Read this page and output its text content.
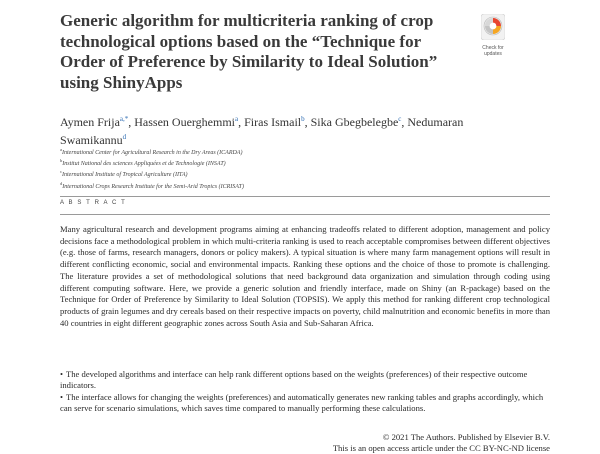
Generic algorithm for multicriteria ranking of crop technological options based on the “Technique for Order of Preference by Similarity to Ideal Solution” using ShinyApps
Check for updates
Aymen Frija$^{a,*}$, Hassen Ouerghemmi$^a$, Firas Ismail$^b$, Sika Gbegbelegbe$^c$, Nedumaran Swamikannu$^d$
$^a$International Center for Agricultural Research in the Dry Areas (ICARDA)
$^b$Institut National des sciences Appliquées et de Technologie (INSAT)
$^c$International Institute of Tropical Agriculture (IITA)
$^d$International Crops Research Institute for the Semi-Arid Tropics (ICRISAT)
A B S T R A C T

Many agricultural research and development programs aiming at enhancing tradeoffs related to different adoption, management and policy decisions face a methodological problem in which multi-criteria ranking is used to reach acceptable compromises between different objectives (e.g. those of farms, research managers, donors or policy makers). A typical situation is where many farm management options will result in different conflicting economic, social and environmental impacts. Ranking these options and the choice of those to promote is challenging. The literature provides a set of methodological solutions that need background data organization and simulation through coding using different computing software. Here, we provide a generic solution and friendly interface, made on Shiny (an R-package) based on the Technique for Order of Preference by Similarity to Ideal Solution (TOPSIS). We apply this method for ranking different crop technological products of grain legumes and dry cereals based on their respective impacts on poverty, child malnutrition and economic benefits in more than 40 countries in eight different geographic zones across South Asia and Sub-Saharan Africa.

• The developed algorithms and interface can help rank different options based on the weights (preferences) of their respective outcome indicators.
• The interface allows for changing the weights (preferences) and automatically generates new ranking tables and graphs accordingly, which can serve for scenario simulations, which saves time compared to manually performing these calculations.
© 2021 The Authors. Published by Elsevier B.V.
This is an open access article under the CC BY-NC-ND license
